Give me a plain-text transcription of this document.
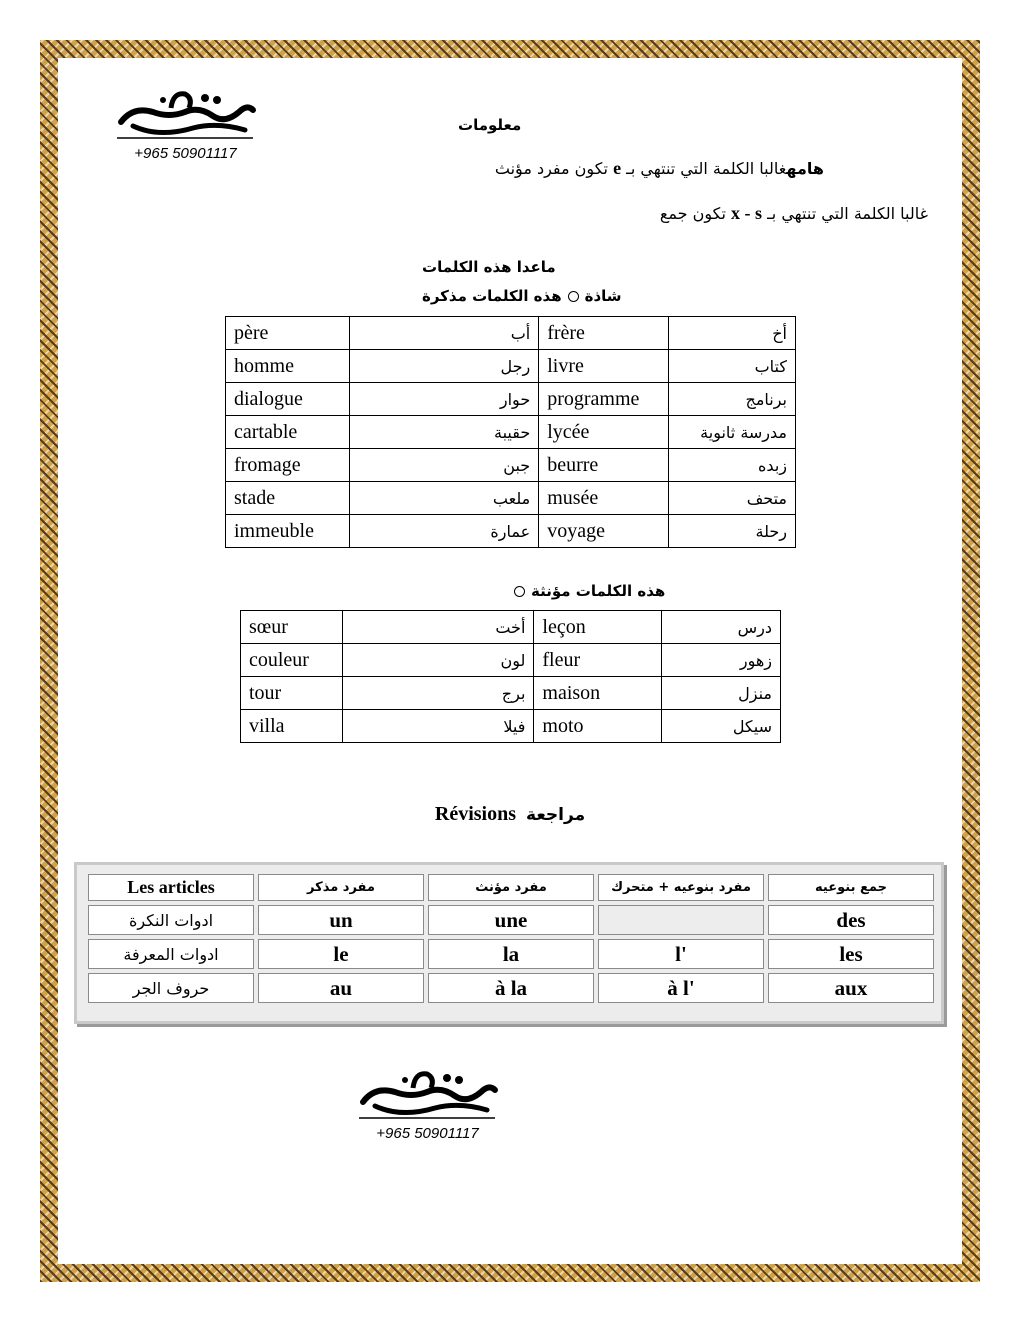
+965 50901117
معلومات
هامهغالبا الكلمة التي تنتهي بـ e تكون مفرد مؤنث
غالبا الكلمة التي تنتهي بـ x - s تكون جمع
ماعدا هذه الكلمات
شاذةهذه الكلمات مذكرة
père	أب	frère	أخ
homme	رجل	livre	كتاب
dialogue	حوار	programme	برنامج
cartable	حقيبة	lycée	مدرسة ثانوية
fromage	جبن	beurre	زبده
stade	ملعب	musée	متحف
immeuble	عمارة	voyage	رحلة
هذه الكلمات مؤنثة
sœur	أخت	leçon	درس
couleur	لون	fleur	زهور
tour	برج	maison	منزل
villa	فيلا	moto	سيكل
Révisions مراجعة
Les articles	مفرد مذكر	مفرد مؤنث	مفرد بنوعيه + متحرك	جمع بنوعيه
ادوات النكرة	un	une		des
ادوات المعرفة	le	la	l'	les
حروف الجر	au	à la	à l'	aux
+965 50901117
